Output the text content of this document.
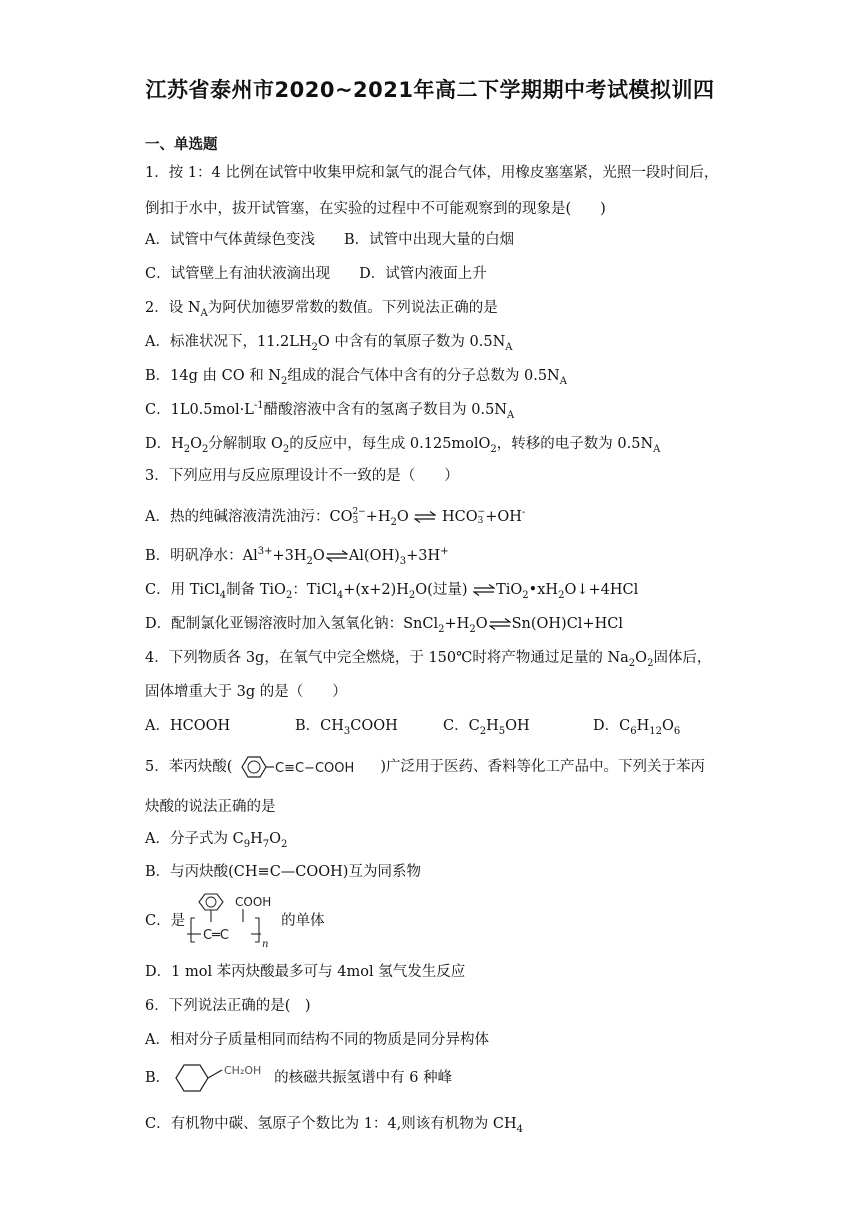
江苏省泰州市2020~2021年高二下学期期中考试模拟训四
一、单选题
1．按 1：4 比例在试管中收集甲烷和氯气的混合气体，用橡皮塞塞紧，光照一段时间后，
倒扣于水中，拔开试管塞，在实验的过程中不可能观察到的现象是(　　)
A．试管中气体黄绿色变浅   B．试管中出现大量的白烟
C．试管壁上有油状液滴出现   D．试管内液面上升
2．设 $N_A$为阿伏加德罗常数的数值。下列说法正确的是
A．标准状况下，$11.2LH_2O$ 中含有的氧原子数为 $0.5N_A$
B．14g 由 CO 和 $N_2$组成的混合气体中含有的分子总数为 $0.5N_A$
C．$1L0.5mol\cdot L^{-1}$醋酸溶液中含有的氢离子数目为 $0.5N_A$
D．$H_2O_2$分解制取 $O_2$的反应中，每生成 0.125molO$_2$，转移的电子数为 $0.5N_A$
3．下列应用与反应原理设计不一致的是（　　）
A．热的纯碱溶液清洗油污：CO 2−
$3 +H_2O$ ⇌ HCO −
3 +OH-
B．明矾净水：$Al^{3+}+3H_2O\rightleftharpoons Al(OH)_3+3H^+$
C．用 TiCl$_4$制备 TiO$_2$：$TiCl_4+(x+2)H_2O$(过量) $\rightleftharpoons TiO_2•xH_2O↓+4HCl$
D．配制氯化亚锡溶液时加入氢氧化钠：$SnCl_2+H_2O\rightleftharpoons Sn(OH)Cl+HCl$
4．下列物质各 3g，在氧气中完全燃烧，于 150℃时将产物通过足量的 $Na_2O_2$固体后，
固体增重大于 3g 的是（　　）
A．HCOOH	B．$CH_3COOH$	C．$C_2H_5OH$	D．$C_6H_{12}O_6$
5．苯丙炔酸(	C≡C−COOH )广泛用于医药、香料等化工产品中。下列关于苯丙
炔酸的说法正确的是
A．分子式为 $C_9H_7O_2$
B．与丙炔酸(CH≡C—COOH)互为同系物
C．是
COOH
C═C
n
的单体
D．1 mol 苯丙炔酸最多可与 4mol 氢气发生反应
6．下列说法正确的是(　)
A．相对分子质量相同而结构不同的物质是同分异构体
B．	CH₂OH 的核磁共振氢谱中有 6 种峰
C．有机物中碳、氢原子个数比为 1：4,则该有机物为 $CH_4$
